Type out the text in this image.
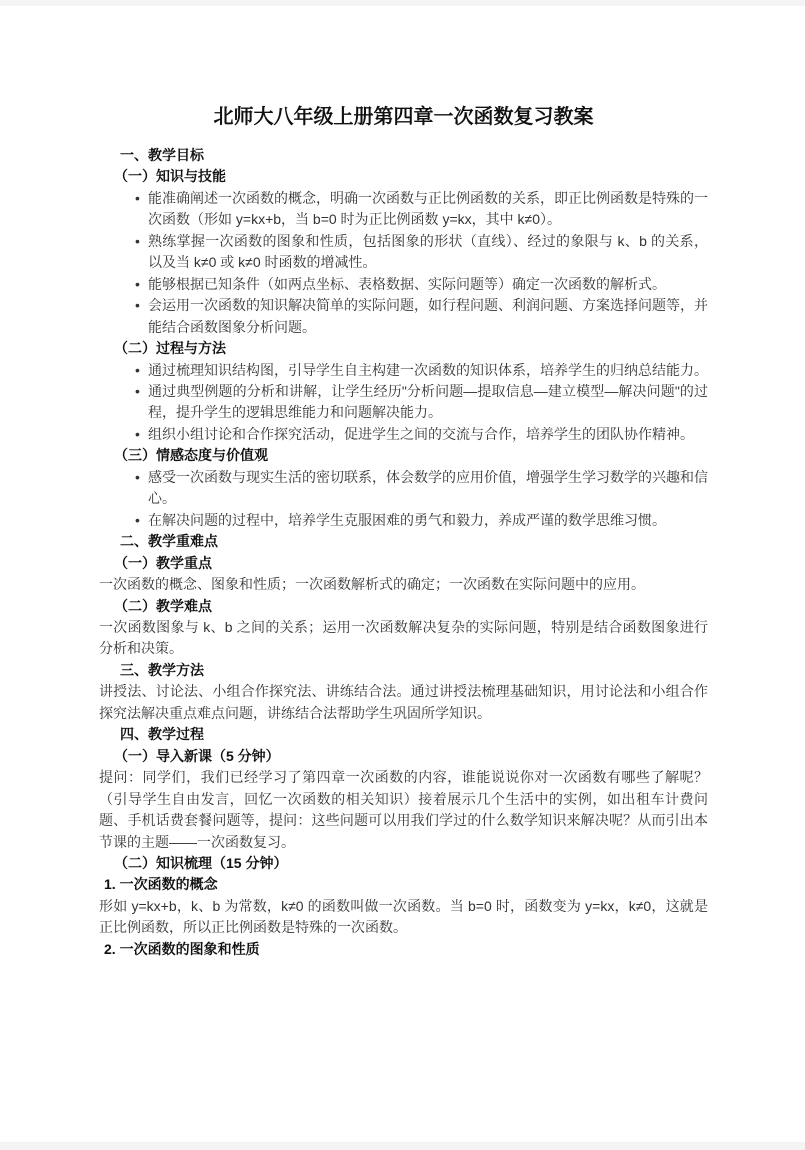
北师大八年级上册第四章一次函数复习教案
一、教学目标
（一）知识与技能
• 能准确阐述一次函数的概念，明确一次函数与正比例函数的关系，即正比例函数是特殊的一次函数（形如 y=kx+b，当 b=0 时为正比例函数 y=kx，其中 k≠0）。
• 熟练掌握一次函数的图象和性质，包括图象的形状（直线）、经过的象限与 k、b 的关系，以及当 k≠0 或 k≠0 时函数的增减性。
• 能够根据已知条件（如两点坐标、表格数据、实际问题等）确定一次函数的解析式。
• 会运用一次函数的知识解决简单的实际问题，如行程问题、利润问题、方案选择问题等，并能结合函数图象分析问题。
（二）过程与方法
• 通过梳理知识结构图，引导学生自主构建一次函数的知识体系，培养学生的归纳总结能力。
• 通过典型例题的分析和讲解，让学生经历"分析问题—提取信息—建立模型—解决问题"的过程，提升学生的逻辑思维能力和问题解决能力。
• 组织小组讨论和合作探究活动，促进学生之间的交流与合作，培养学生的团队协作精神。
（三）情感态度与价值观
• 感受一次函数与现实生活的密切联系，体会数学的应用价值，增强学生学习数学的兴趣和信心。
• 在解决问题的过程中，培养学生克服困难的勇气和毅力，养成严谨的数学思维习惯。
二、教学重难点
（一）教学重点

一次函数的概念、图象和性质；一次函数解析式的确定；一次函数在实际问题中的应用。

（二）教学难点

一次函数图象与 k、b 之间的关系；运用一次函数解决复杂的实际问题，特别是结合函数图象进行分析和决策。

三、教学方法

讲授法、讨论法、小组合作探究法、讲练结合法。通过讲授法梳理基础知识，用讨论法和小组合作探究法解决重点难点问题，讲练结合法帮助学生巩固所学知识。

四、教学过程
（一）导入新课（5 分钟）

提问：同学们，我们已经学习了第四章一次函数的内容，谁能说说你对一次函数有哪些了解呢？（引导学生自由发言，回忆一次函数的相关知识）接着展示几个生活中的实例，如出租车计费问题、手机话费套餐问题等，提问：这些问题可以用我们学过的什么数学知识来解决呢？从而引出本节课的主题——一次函数复习。

（二）知识梳理（15 分钟）
1. 一次函数的概念

形如 y=kx+b，k、b 为常数，k≠0 的函数叫做一次函数。当 b=0 时，函数变为 y=kx，k≠0，这就是正比例函数，所以正比例函数是特殊的一次函数。

2. 一次函数的图象和性质
